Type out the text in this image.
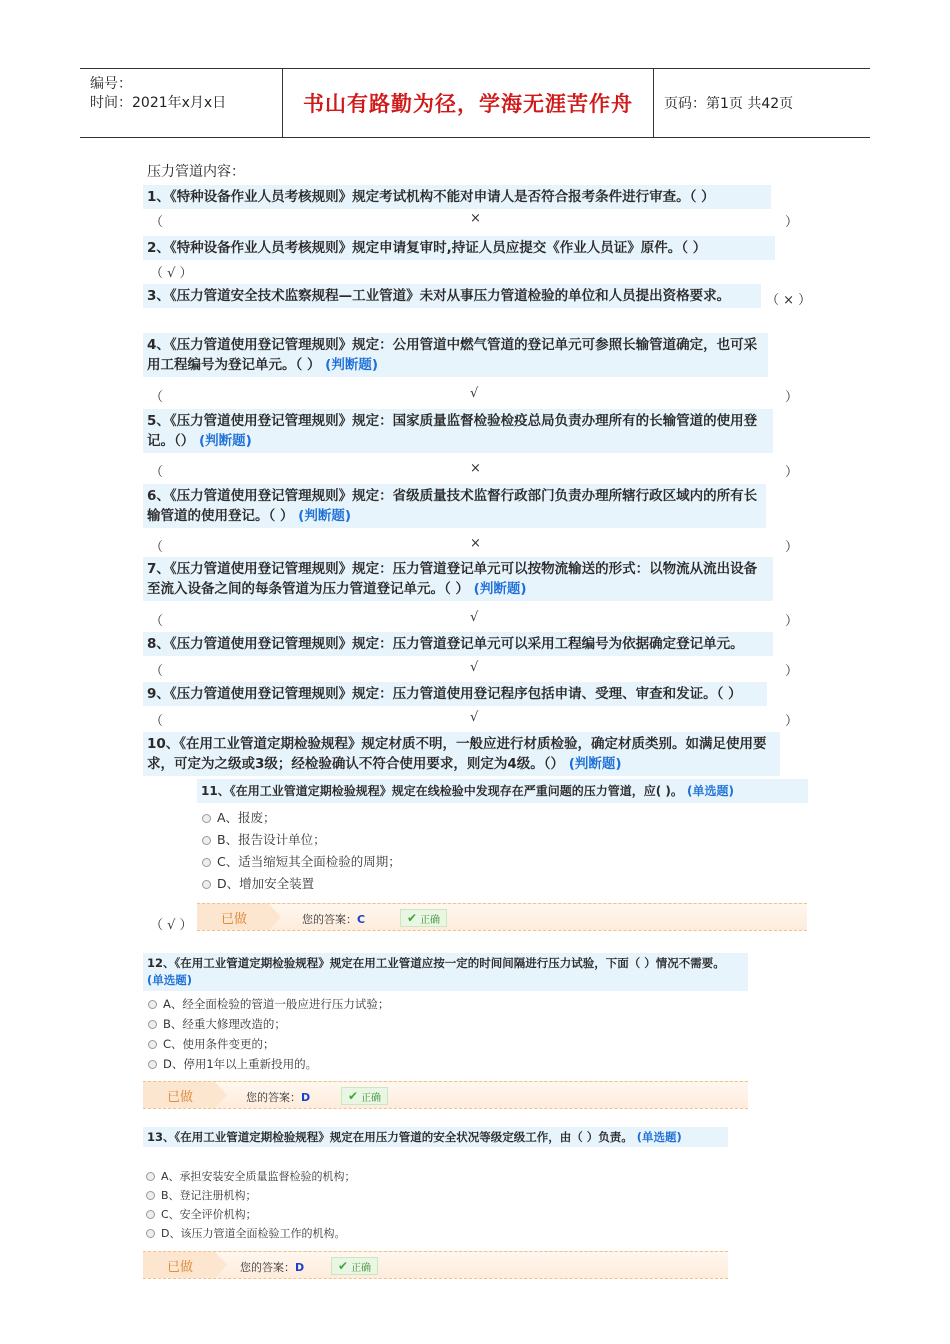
编号：
时间：2021年x月x日	书山有路勤为径，学海无涯苦作舟	页码：第1页 共42页
压力管道内容：
1、《特种设备作业人员考核规则》规定考试机构不能对申请人是否符合报考条件进行审查。（ ）
（	×	）
2、《特种设备作业人员考核规则》规定申请复审时,持证人员应提交《作业人员证》原件。（ ）
（ √ ）
3、《压力管道安全技术监察规程—工业管道》未对从事压力管道检验的单位和人员提出资格要求。	（ × ）
4、《压力管道使用登记管理规则》规定：公用管道中燃气管道的登记单元可参照长输管道确定，也可采用工程编号为登记单元。（ ） (判断题)
（	√	）
5、《压力管道使用登记管理规则》规定：国家质量监督检验检疫总局负责办理所有的长输管道的使用登记。（） (判断题)
（	×	）
6、《压力管道使用登记管理规则》规定：省级质量技术监督行政部门负责办理所辖行政区域内的所有长输管道的使用登记。（ ） (判断题)
（	×	）
7、《压力管道使用登记管理规则》规定：压力管道登记单元可以按物流输送的形式：以物流从流出设备至流入设备之间的每条管道为压力管道登记单元。（ ） (判断题)
（	√	）
8、《压力管道使用登记管理规则》规定：压力管道登记单元可以采用工程编号为依据确定登记单元。
（	√	）
9、《压力管道使用登记管理规则》规定：压力管道使用登记程序包括申请、受理、审查和发证。（ ）
（	√	）
10、《在用工业管道定期检验规程》规定材质不明，一般应进行材质检验，确定材质类别。如满足使用要求，可定为之级或3级；经检验确认不符合使用要求，则定为4级。（） (判断题)
11、《在用工业管道定期检验规程》规定在线检验中发现存在严重问题的压力管道，应( )。 (单选题)
A、报废；
B、报告设计单位；
C、适当缩短其全面检验的周期；
D、增加安全装置
（ √ ）	已做	您的答案：C	✔ 正确
12、《在用工业管道定期检验规程》规定在用工业管道应按一定的时间间隔进行压力试验，下面（ ）情况不需要。 (单选题)
A、经全面检验的管道一般应进行压力试验；
B、经重大修理改造的；
C、使用条件变更的；
D、停用1年以上重新投用的。
已做	您的答案：D	✔ 正确
13、《在用工业管道定期检验规程》规定在用压力管道的安全状况等级定级工作，由（ ）负责。 (单选题)
A、承担安装安全质量监督检验的机构；
B、登记注册机构；
C、安全评价机构；
D、该压力管道全面检验工作的机构。
已做	您的答案：D	✔ 正确
